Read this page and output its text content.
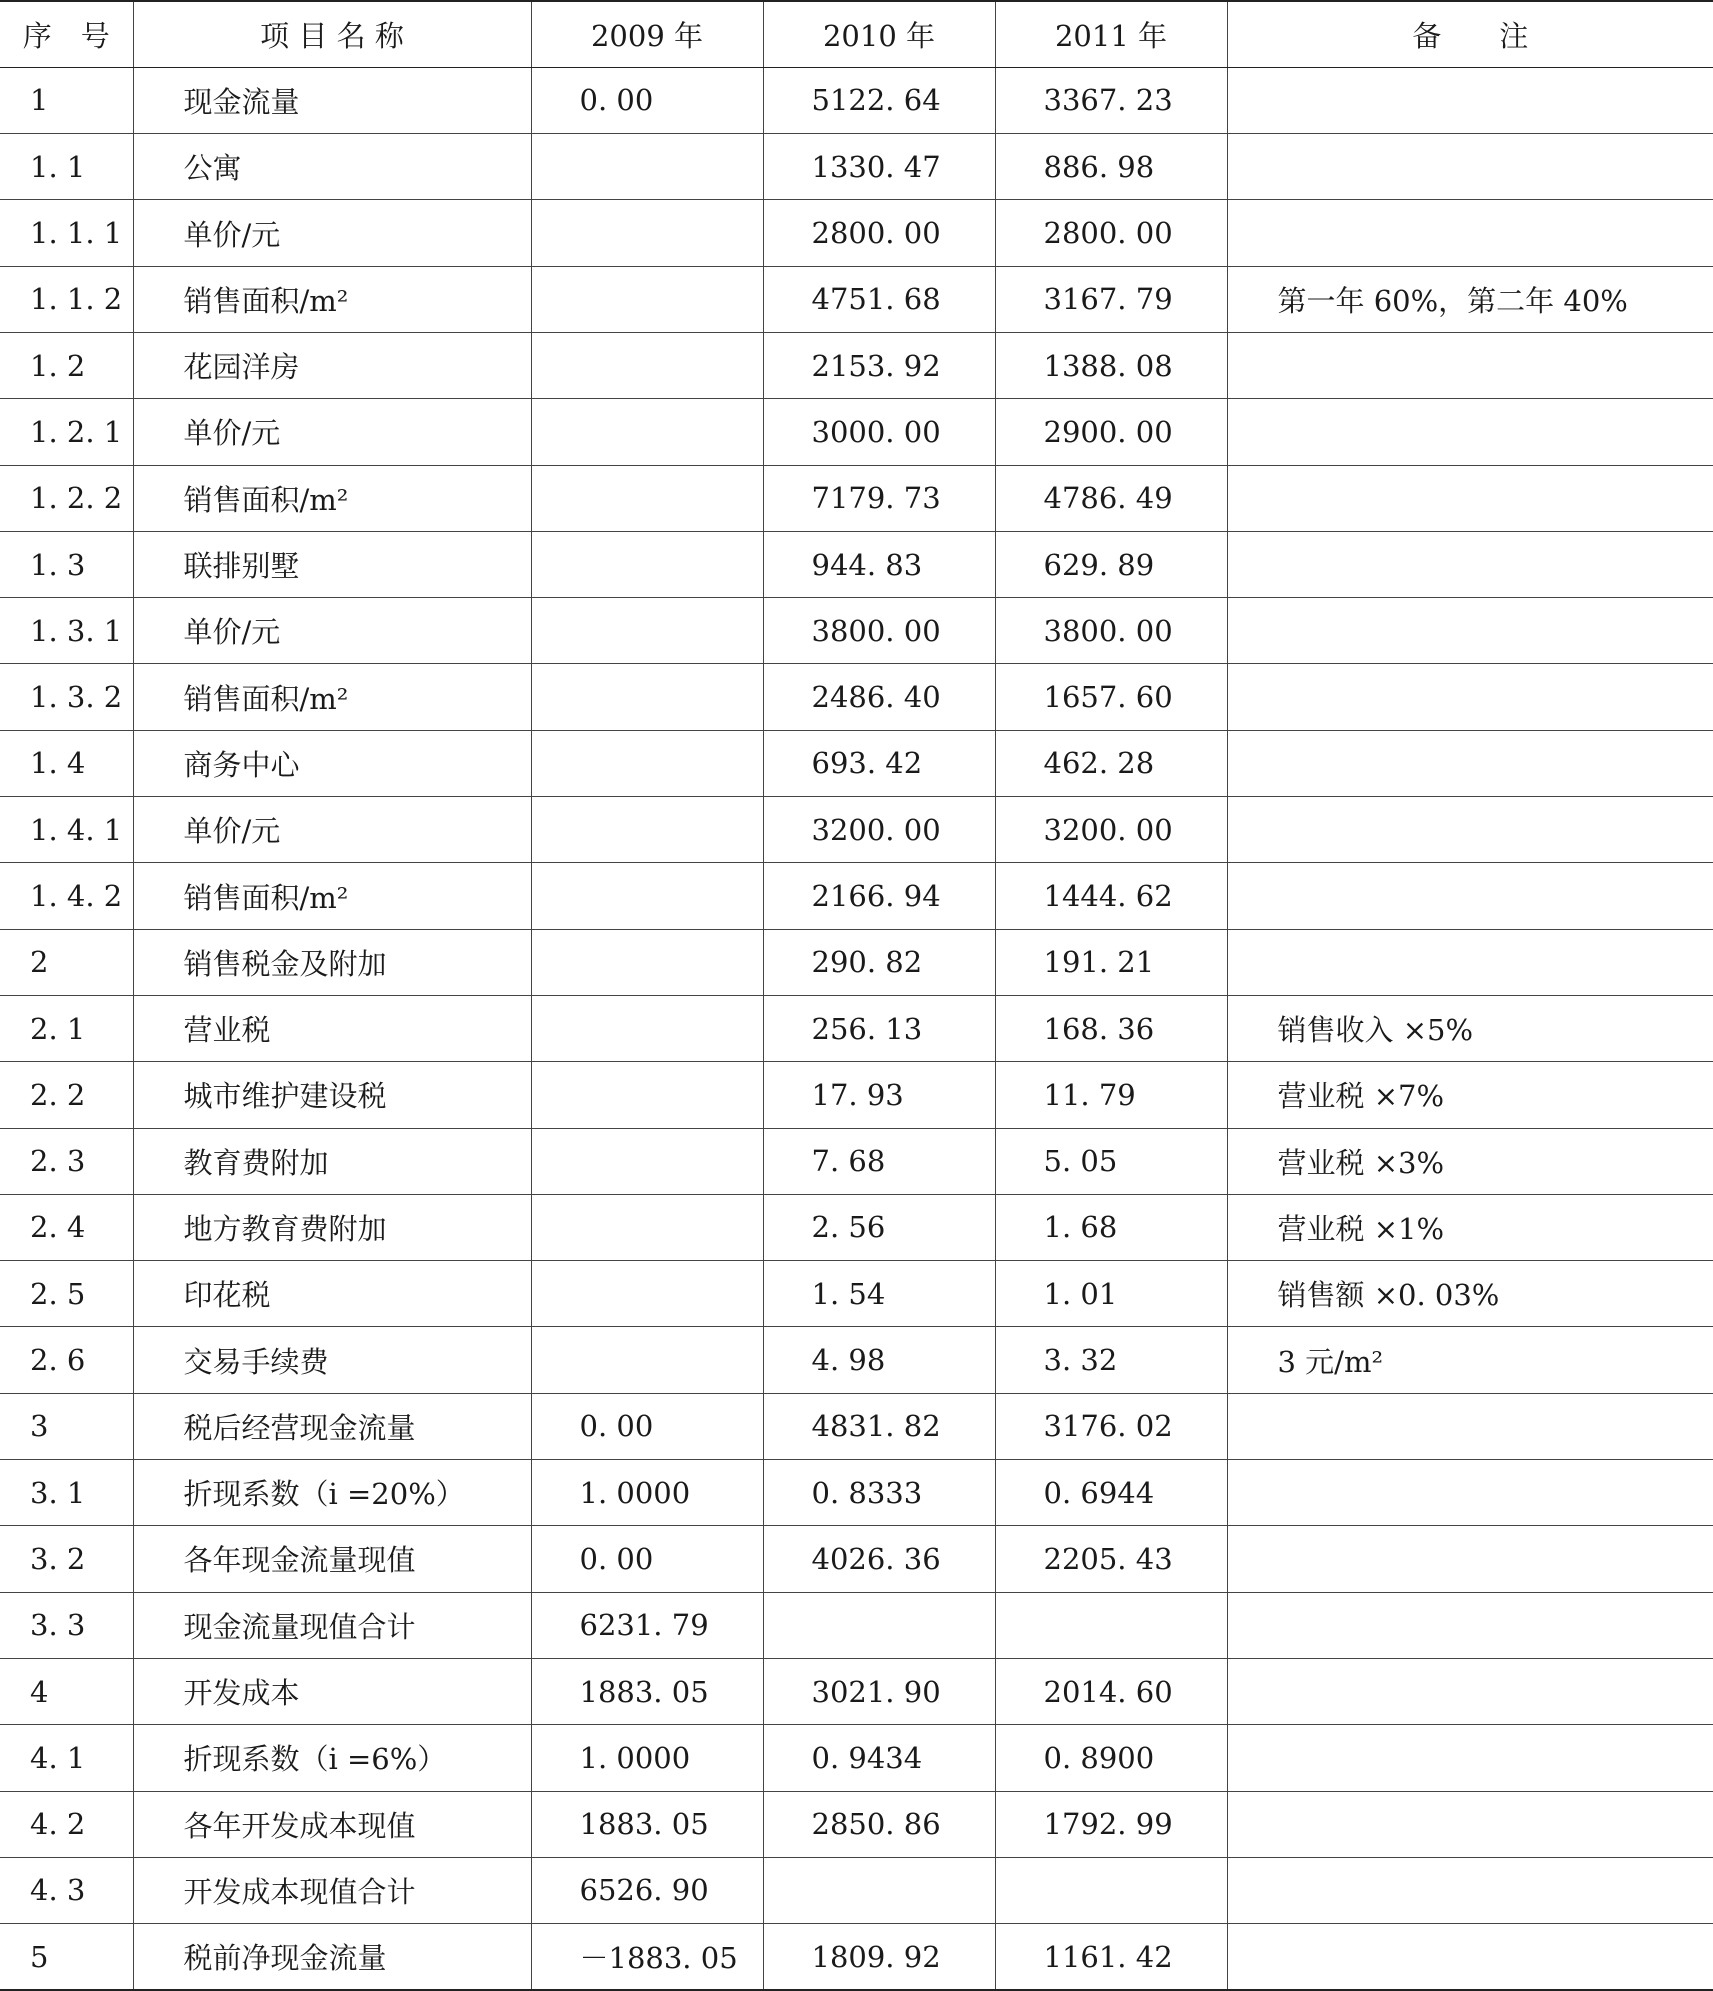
序　号	项 目 名 称	2009 年	2010 年	2011 年	备　　注
1	现金流量	0. 00	5122. 64	3367. 23	
1. 1	公寓		1330. 47	886. 98	
1. 1. 1	单价/元		2800. 00	2800. 00	
1. 1. 2	销售面积/m²		4751. 68	3167. 79	第一年 60%，第二年 40%
1. 2	花园洋房		2153. 92	1388. 08	
1. 2. 1	单价/元		3000. 00	2900. 00	
1. 2. 2	销售面积/m²		7179. 73	4786. 49	
1. 3	联排别墅		944. 83	629. 89	
1. 3. 1	单价/元		3800. 00	3800. 00	
1. 3. 2	销售面积/m²		2486. 40	1657. 60	
1. 4	商务中心		693. 42	462. 28	
1. 4. 1	单价/元		3200. 00	3200. 00	
1. 4. 2	销售面积/m²		2166. 94	1444. 62	
2	销售税金及附加		290. 82	191. 21	
2. 1	营业税		256. 13	168. 36	销售收入 ×5%
2. 2	城市维护建设税		17. 93	11. 79	营业税 ×7%
2. 3	教育费附加		7. 68	5. 05	营业税 ×3%
2. 4	地方教育费附加		2. 56	1. 68	营业税 ×1%
2. 5	印花税		1. 54	1. 01	销售额 ×0. 03%
2. 6	交易手续费		4. 98	3. 32	3 元/m²
3	税后经营现金流量	0. 00	4831. 82	3176. 02	
3. 1	折现系数（i =20%）	1. 0000	0. 8333	0. 6944	
3. 2	各年现金流量现值	0. 00	4026. 36	2205. 43	
3. 3	现金流量现值合计	6231. 79			
4	开发成本	1883. 05	3021. 90	2014. 60	
4. 1	折现系数（i =6%）	1. 0000	0. 9434	0. 8900	
4. 2	各年开发成本现值	1883. 05	2850. 86	1792. 99	
4. 3	开发成本现值合计	6526. 90			
5	税前净现金流量	－1883. 05	1809. 92	1161. 42	
